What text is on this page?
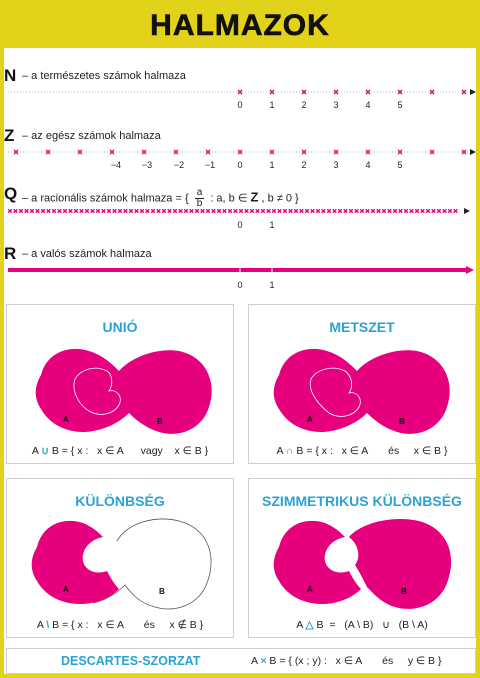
HALMAZOK
N – a természetes számok halmaza
0	1	2	3	4	5
Z – az egész számok halmaza
−4 −3 −2 −1 0	1	2	3	4	5
Q – a racionális számok halmaza = { $\frac{a}{b}$ : a, b ∈ Z , b ≠ 0 }
0	1
R – a valós számok halmaza
0	1
UNIÓ
A	B
A ∪ B = { x :   x ∈ A      vagy    x ∈ B }
METSZET
A	B
A ∩ B = { x :   x ∈ A       és     x ∈ B }
KÜLÖNBSÉG
A	B
A \ B = { x :   x ∈ A       és     x ∉ B }
SZIMMETRIKUS KÜLÖNBSÉG
A	B
A △ B  =   (A \ B)   ∪   (B \ A)
DESCARTES-SZORZAT	A × B = { (x ; y) :   x ∈ A       és     y ∈ B }
